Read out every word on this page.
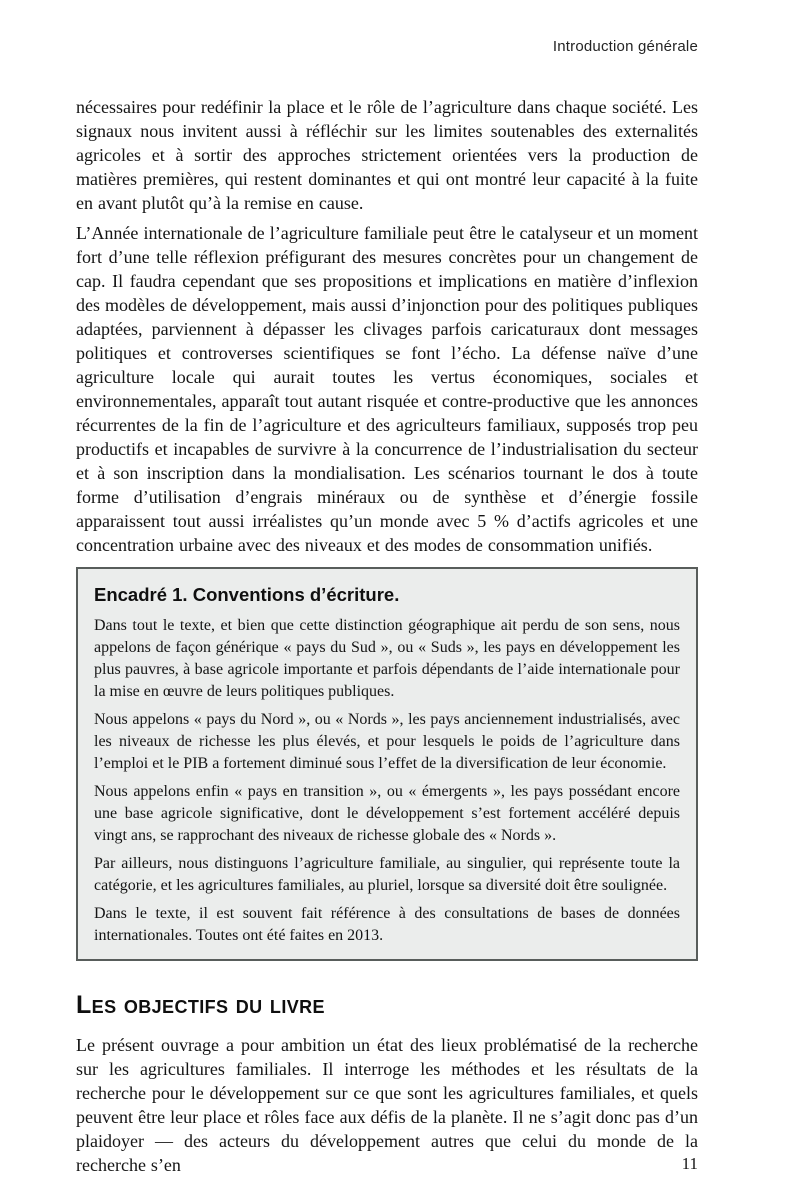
Introduction générale

nécessaires pour redéfinir la place et le rôle de l’agriculture dans chaque société. Les signaux nous invitent aussi à réfléchir sur les limites soutenables des externalités agricoles et à sortir des approches strictement orientées vers la production de matières premières, qui restent dominantes et qui ont montré leur capacité à la fuite en avant plutôt qu’à la remise en cause.

L’Année internationale de l’agriculture familiale peut être le catalyseur et un moment fort d’une telle réflexion préfigurant des mesures concrètes pour un changement de cap. Il faudra cependant que ses propositions et implications en matière d’inflexion des modèles de développement, mais aussi d’injonction pour des politiques publiques adaptées, parviennent à dépasser les clivages parfois caricaturaux dont messages politiques et controverses scientifiques se font l’écho. La défense naïve d’une agriculture locale qui aurait toutes les vertus économiques, sociales et environnementales, apparaît tout autant risquée et contre-productive que les annonces récurrentes de la fin de l’agriculture et des agriculteurs familiaux, supposés trop peu productifs et incapables de survivre à la concurrence de l’industrialisation du secteur et à son inscription dans la mondialisation. Les scénarios tournant le dos à toute forme d’utilisation d’engrais minéraux ou de synthèse et d’énergie fossile apparaissent tout aussi irréalistes qu’un monde avec 5 % d’actifs agricoles et une concentration urbaine avec des niveaux et des modes de consommation unifiés.

Encadré 1. Conventions d’écriture.

Dans tout le texte, et bien que cette distinction géographique ait perdu de son sens, nous appelons de façon générique « pays du Sud », ou « Suds », les pays en développement les plus pauvres, à base agricole importante et parfois dépendants de l’aide internationale pour la mise en œuvre de leurs politiques publiques.

Nous appelons « pays du Nord », ou « Nords », les pays anciennement industrialisés, avec les niveaux de richesse les plus élevés, et pour lesquels le poids de l’agriculture dans l’emploi et le PIB a fortement diminué sous l’effet de la diversification de leur économie.

Nous appelons enfin « pays en transition », ou « émergents », les pays possédant encore une base agricole significative, dont le développement s’est fortement accéléré depuis vingt ans, se rapprochant des niveaux de richesse globale des « Nords ».

Par ailleurs, nous distinguons l’agriculture familiale, au singulier, qui représente toute la catégorie, et les agricultures familiales, au pluriel, lorsque sa diversité doit être soulignée.

Dans le texte, il est souvent fait référence à des consultations de bases de données internationales. Toutes ont été faites en 2013.

Les objectifs du livre

Le présent ouvrage a pour ambition un état des lieux problématisé de la recherche sur les agricultures familiales. Il interroge les méthodes et les résultats de la recherche pour le développement sur ce que sont les agricultures familiales, et quels peuvent être leur place et rôles face aux défis de la planète. Il ne s’agit donc pas d’un plaidoyer — des acteurs du développement autres que celui du monde de la recherche s’en	11
